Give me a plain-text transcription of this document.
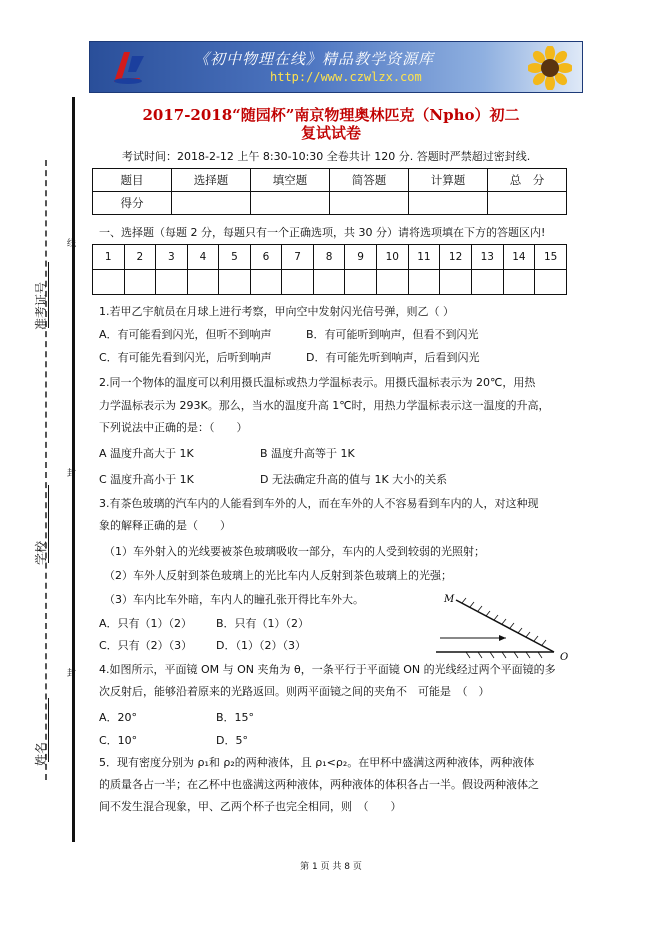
《初中物理在线》精品教学资源库
http://www.czwlzx.com
线
封
封
准考证号
学校
姓名
2017-2018“随园杯”南京物理奥林匹克（Npho）初二
复试试卷
考试时间：2018-2-12 上午 8:30-10:30 全卷共计 120 分. 答题时严禁超过密封线.
题目	选择题	填空题	简答题	计算题	总　分
得分					
一、选择题（每题 2 分，每题只有一个正确选项，共 30 分）请将选项填在下方的答题区内!
1	2	3	4	5	6	7	8	9	10	11	12	13	14	15

1.若甲乙宇航员在月球上进行考察，甲向空中发射闪光信号弹，则乙（ ）
A．有可能看到闪光，但听不到响声	B．有可能听到响声，但看不到闪光
C．有可能先看到闪光，后听到响声	D．有可能先听到响声，后看到闪光
2.同一个物体的温度可以利用摄氏温标或热力学温标表示。用摄氏温标表示为 20℃，用热
力学温标表示为 293K。那么，当水的温度升高 1℃时，用热力学温标表示这一温度的升高，
下列说法中正确的是：（　　）
A 温度升高大于 1K	B 温度升高等于 1K
C 温度升高小于 1K	D 无法确定升高的值与 1K 大小的关系
3.有茶色玻璃的汽车内的人能看到车外的人，而在车外的人不容易看到车内的人，对这种现
象的解释正确的是（　　）
（1）车外射入的光线要被茶色玻璃吸收一部分，车内的人受到较弱的光照射；
（2）车外人反射到茶色玻璃上的光比车内人反射到茶色玻璃上的光强；
（3）车内比车外暗，车内人的瞳孔张开得比车外大。
A．只有（1）（2） B．只有（1）（2）
C．只有（2）（3） D．（1）（2）（3）
M
O
4.如图所示，平面镜 OM 与 ON 夹角为 θ，一条平行于平面镜 ON 的光线经过两个平面镜的多
次反射后，能够沿着原来的光路返回。则两平面镜之间的夹角不　可能是　（　）
A．20°	B．15°
C．10°	D．5°
5．现有密度分别为 ρ₁和 ρ₂的两种液体，且 ρ₁<ρ₂。在甲杯中盛满这两种液体，两种液体
的质量各占一半；在乙杯中也盛满这两种液体，两种液体的体积各占一半。假设两种液体之
间不发生混合现象，甲、乙两个杯子也完全相同，则　（　　）
第 1 页 共 8 页
